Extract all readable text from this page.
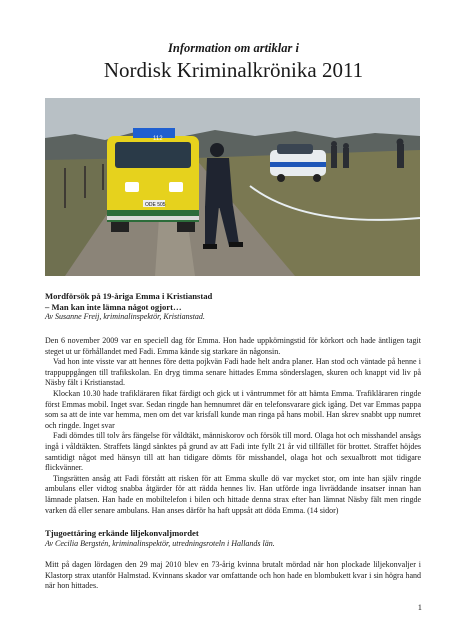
Information om artiklar i
Nordisk Kriminalkrönika 2011
112
ODE 505
Mordförsök på 19-åriga Emma i Kristianstad
– Man kan inte lämna något ogjort…
Av Susanne Freij, kriminalinspektör, Kristianstad.

Den 6 november 2009 var en speciell dag för Emma. Hon hade uppkörningstid för körkort och hade äntligen tagit steget ut ur förhållandet med Fadi. Emma kände sig starkare än någonsin.

Vad hon inte visste var att hennes före detta pojkvän Fadi hade helt andra planer. Han stod och väntade på henne i trappuppgången till trafikskolan. En dryg timma senare hittades Emma sönderslagen, skuren och knappt vid liv på Näsby fält i Kristianstad.

Klockan 10.30 hade trafikläraren fikat färdigt och gick ut i väntrummet för att hämta Emma. Trafikläraren ringde först Emmas mobil. Inget svar. Sedan ringde han hemnumret där en telefonsvarare gick igång. Det var Emmas pappa som sa att de inte var hemma, men om det var krisfall kunde man ringa på hans mobil. Han skrev snabbt upp numret och ringde. Inget svar

Fadi dömdes till tolv års fängelse för våldtäkt, människorov och försök till mord. Olaga hot och misshandel ansågs ingå i våldtäkten. Straffets längd sänktes på grund av att Fadi inte fyllt 21 år vid tillfället för brottet. Straffet höjdes samtidigt något med hänsyn till att han tidigare dömts för misshandel, olaga hot och sexualbrott mot tidigare flickvänner.

Tingsrätten ansåg att Fadi förstått att risken för att Emma skulle dö var mycket stor, om inte han själv ringde ambulans eller vidtog snabba åtgärder för att rädda hennes liv. Han utförde inga livräddande insatser innan han lämnade platsen. Han hade en mobiltelefon i bilen och hittade denna strax efter han lämnat Näsby fält men ringde varken då eller senare ambulans. Han anses därför ha haft uppsåt att döda Emma. (14 sidor)

Tjugoettåring erkände liljekonvaljmordet
Av Cecilia Bergstén, kriminalinspektör, utredningsroteln i Hallands län.

Mitt på dagen lördagen den 29 maj 2010 blev en 73-årig kvinna brutalt mördad när hon plockade liljekonvaljer i Klastorp strax utanför Halmstad. Kvinnans skador var omfattande och hon hade en blombukett kvar i sin högra hand när hon hittades.

1
